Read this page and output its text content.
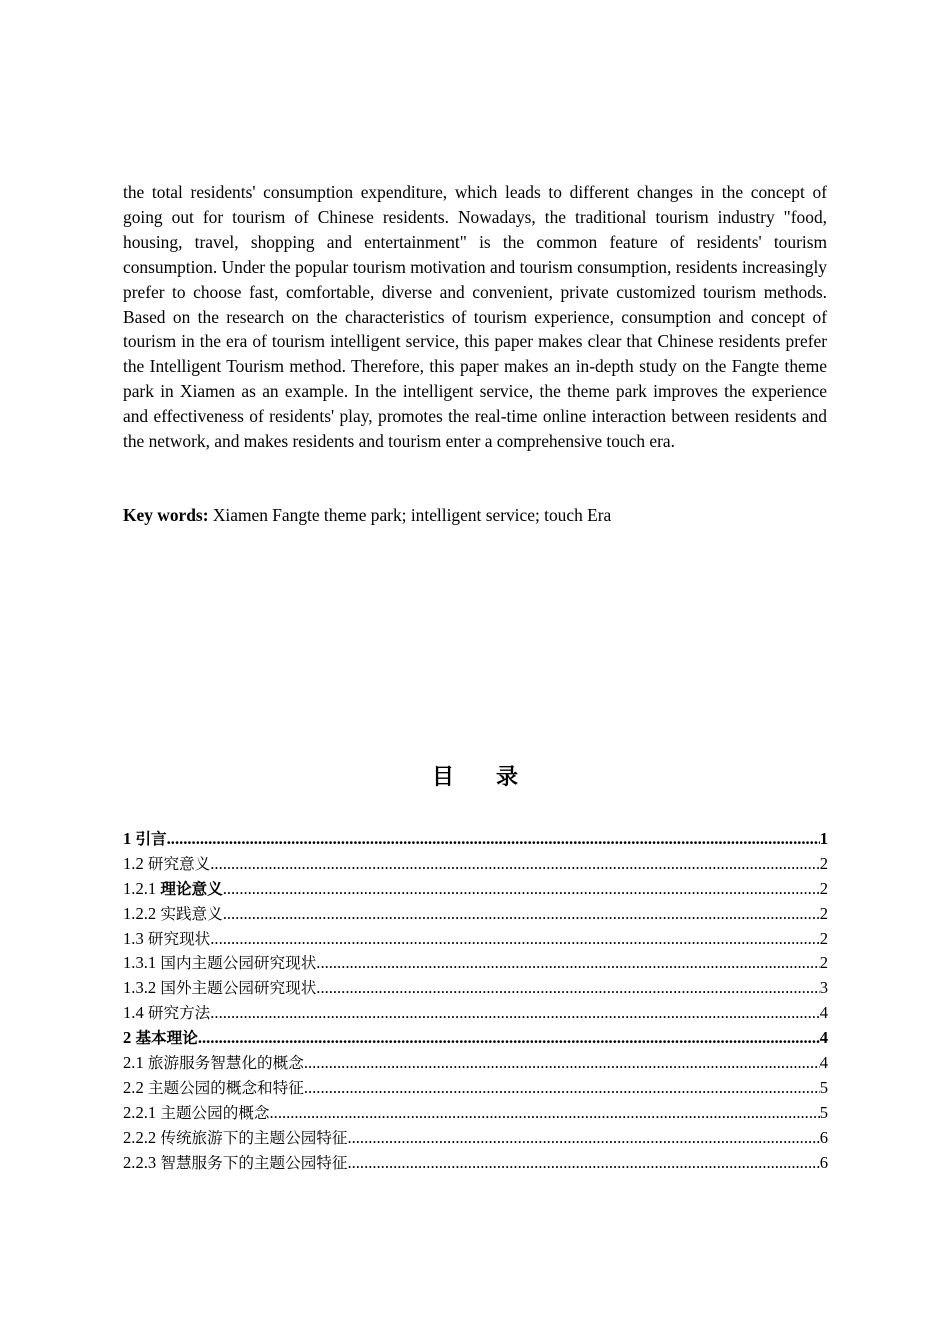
the total residents' consumption expenditure, which leads to different changes in the concept of going out for tourism of Chinese residents. Nowadays, the traditional tourism industry "food, housing, travel, shopping and entertainment" is the common feature of residents' tourism consumption. Under the popular tourism motivation and tourism consumption, residents increasingly prefer to choose fast, comfortable, diverse and convenient, private customized tourism methods. Based on the research on the characteristics of tourism experience, consumption and concept of tourism in the era of tourism intelligent service, this paper makes clear that Chinese residents prefer the Intelligent Tourism method. Therefore, this paper makes an in-depth study on the Fangte theme park in Xiamen as an example. In the intelligent service, the theme park improves the experience and effectiveness of residents' play, promotes the real-time online interaction between residents and the network, and makes residents and tourism enter a comprehensive touch era.

Key words: Xiamen Fangte theme park; intelligent service; touch Era

目 录
1 引言 .....	1
1.2 研究意义 .....	2
1.2.1 理论意义 .....	2
1.2.2 实践意义 .....	2
1.3 研究现状 .....	2
1.3.1 国内主题公园研究现状 .....	2
1.3.2 国外主题公园研究现状 .....	3
1.4 研究方法 .....	4
2 基本理论 .....	4
2.1 旅游服务智慧化的概念 .....	4
2.2 主题公园的概念和特征 .....	5
2.2.1 主题公园的概念 .....	5
2.2.2 传统旅游下的主题公园特征 .....	6
2.2.3 智慧服务下的主题公园特征 .....	6
